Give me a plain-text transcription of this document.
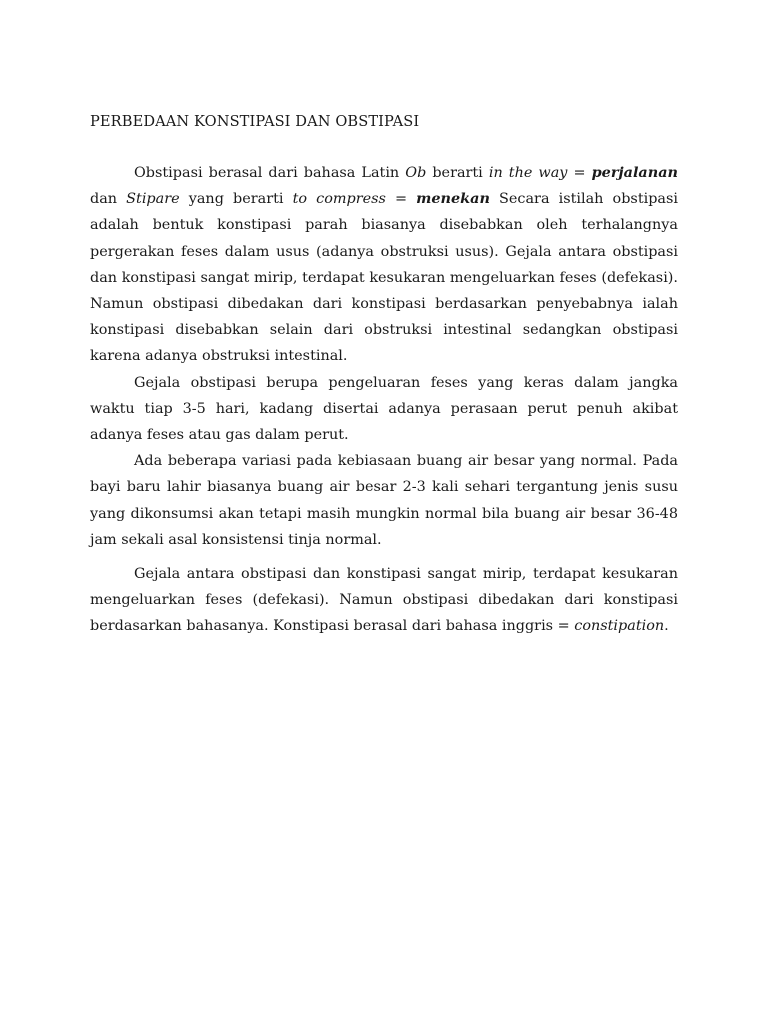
PERBEDAAN KONSTIPASI DAN OBSTIPASI

Obstipasi berasal dari bahasa Latin Ob berarti in the way = perjalanan dan Stipare yang berarti to compress = menekan Secara istilah obstipasi adalah bentuk konstipasi parah biasanya disebabkan oleh terhalangnya pergerakan feses dalam usus (adanya obstruksi usus). Gejala antara obstipasi dan konstipasi sangat mirip, terdapat kesukaran mengeluarkan feses (defekasi). Namun obstipasi dibedakan dari konstipasi berdasarkan penyebabnya ialah konstipasi disebabkan selain dari obstruksi intestinal sedangkan obstipasi karena adanya obstruksi intestinal.

Gejala obstipasi berupa pengeluaran feses yang keras dalam jangka waktu tiap 3-5 hari, kadang disertai adanya perasaan perut penuh akibat adanya feses atau gas dalam perut.

Ada beberapa variasi pada kebiasaan buang air besar yang normal. Pada bayi baru lahir biasanya buang air besar 2-3 kali sehari tergantung jenis susu yang dikonsumsi akan tetapi masih mungkin normal bila buang air besar 36-48 jam sekali asal konsistensi tinja normal.

Gejala antara obstipasi dan konstipasi sangat mirip, terdapat kesukaran mengeluarkan feses (defekasi). Namun obstipasi dibedakan dari konstipasi berdasarkan bahasanya. Konstipasi berasal dari bahasa inggris = constipation.
